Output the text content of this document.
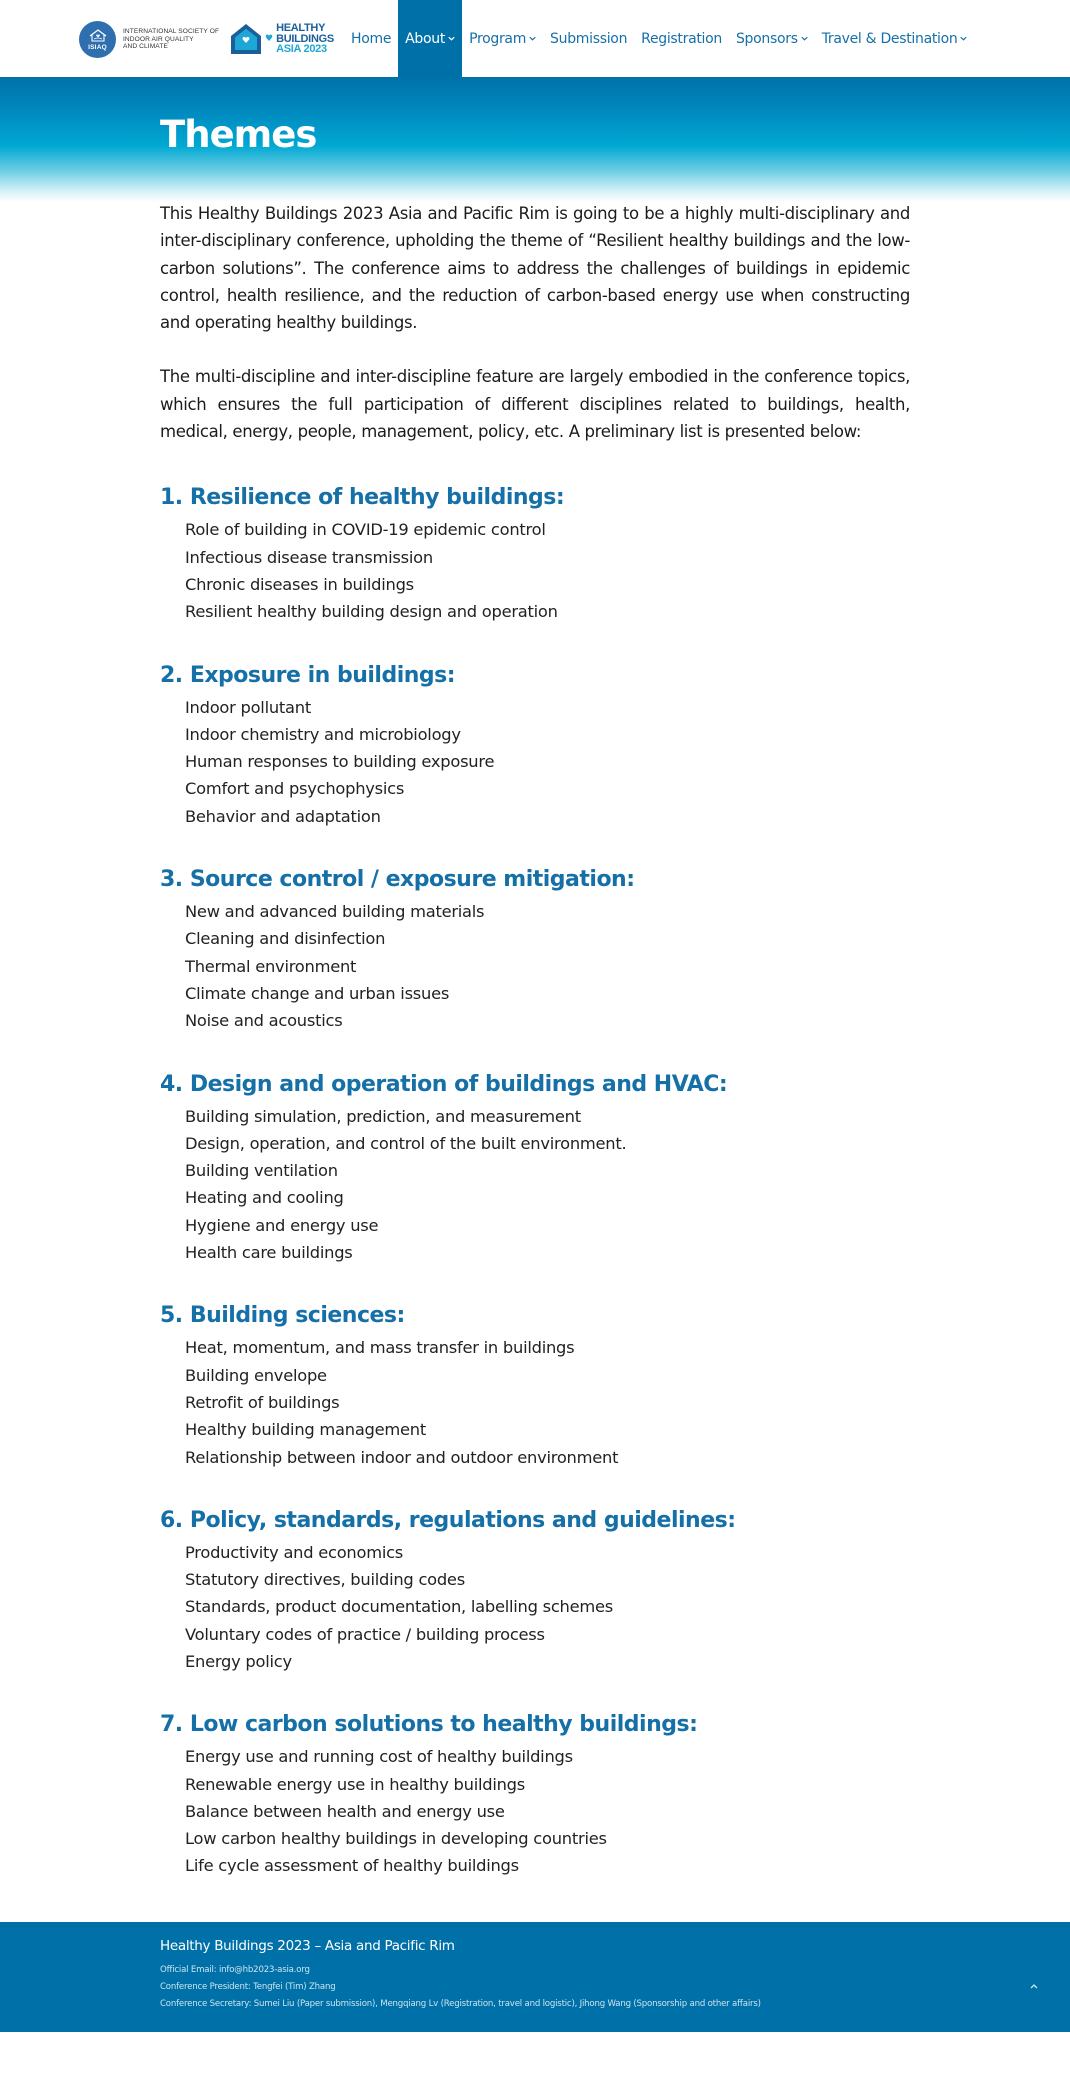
ISIAQ
INTERNATIONAL SOCIETY OF
INDOOR AIR QUALITY
AND CLIMATE
♥
HEALTHY
BUILDINGS
ASIA 2023
Home About Program Submission Registration Sponsors Travel & Destination
Themes

This Healthy Buildings 2023 Asia and Pacific Rim is going to be a highly multi-disciplinary and inter-disciplinary conference, upholding the theme of “Resilient healthy buildings and the low-carbon solutions”. The conference aims to address the challenges of buildings in epidemic control, health resilience, and the reduction of carbon-based energy use when constructing and operating healthy buildings.

The multi-discipline and inter-discipline feature are largely embodied in the conference topics, which ensures the full participation of different disciplines related to buildings, health, medical, energy, people, management, policy, etc. A preliminary list is presented below:

1. Resilience of healthy buildings:
Role of building in COVID-19 epidemic control
Infectious disease transmission
Chronic diseases in buildings
Resilient healthy building design and operation
2. Exposure in buildings:
Indoor pollutant
Indoor chemistry and microbiology
Human responses to building exposure
Comfort and psychophysics
Behavior and adaptation
3. Source control / exposure mitigation:
New and advanced building materials
Cleaning and disinfection
Thermal environment
Climate change and urban issues
Noise and acoustics
4. Design and operation of buildings and HVAC:
Building simulation, prediction, and measurement
Design, operation, and control of the built environment.
Building ventilation
Heating and cooling
Hygiene and energy use
Health care buildings
5. Building sciences:
Heat, momentum, and mass transfer in buildings
Building envelope
Retrofit of buildings
Healthy building management
Relationship between indoor and outdoor environment
6. Policy, standards, regulations and guidelines:
Productivity and economics
Statutory directives, building codes
Standards, product documentation, labelling schemes
Voluntary codes of practice / building process
Energy policy
7. Low carbon solutions to healthy buildings:
Energy use and running cost of healthy buildings
Renewable energy use in healthy buildings
Balance between health and energy use
Low carbon healthy buildings in developing countries
Life cycle assessment of healthy buildings
Healthy Buildings 2023 – Asia and Pacific Rim
Official Email: info@hb2023-asia.org
Conference President: Tengfei (Tim) Zhang
Conference Secretary: Sumei Liu (Paper submission), Mengqiang Lv (Registration, travel and logistic), Jihong Wang (Sponsorship and other affairs)
